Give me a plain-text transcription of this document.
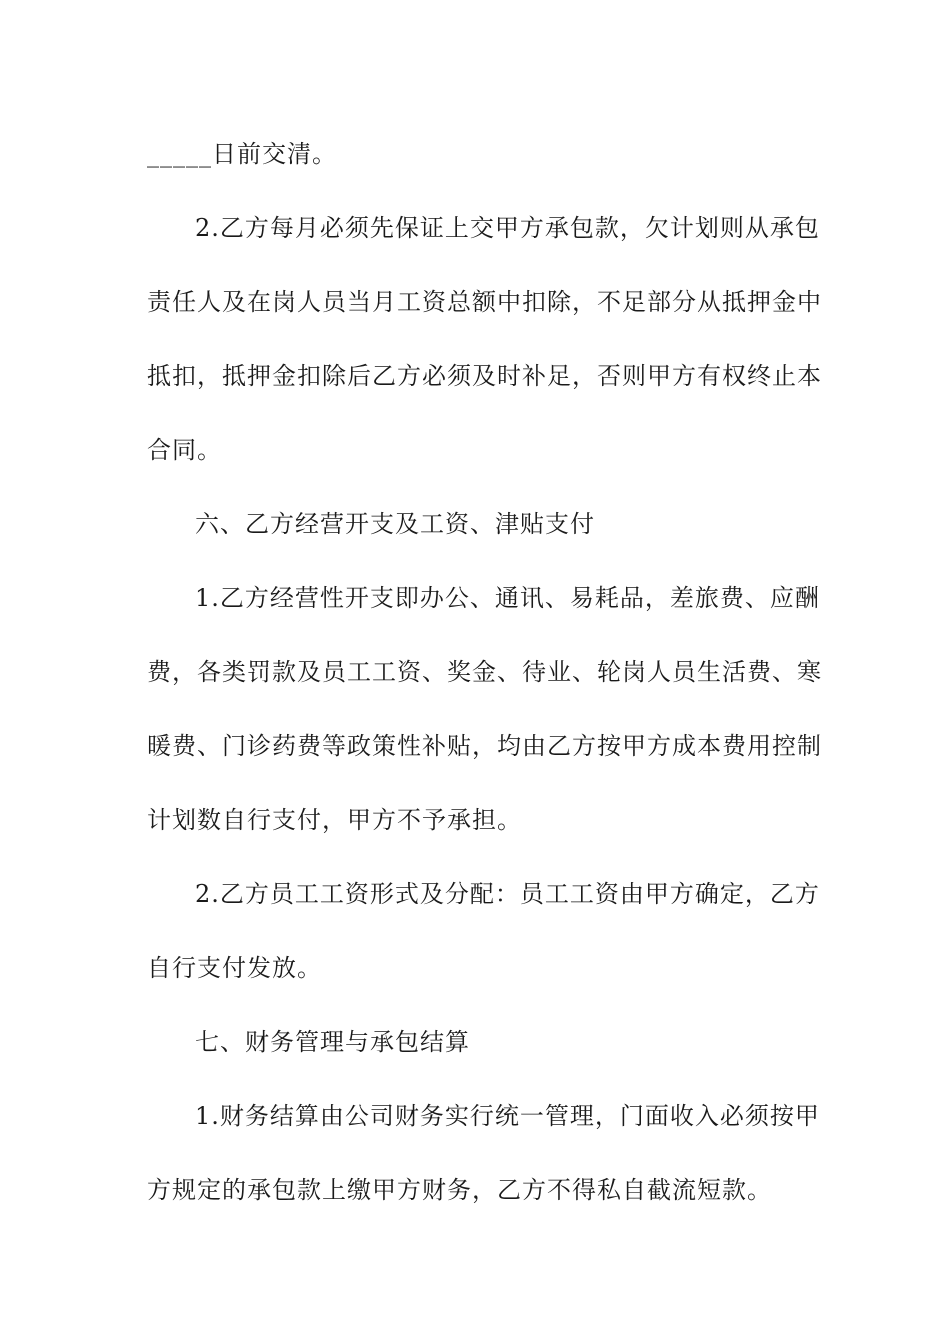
_____日前交清。
2.乙方每月必须先保证上交甲方承包款，欠计划则从承包
责任人及在岗人员当月工资总额中扣除，不足部分从抵押金中
抵扣，抵押金扣除后乙方必须及时补足，否则甲方有权终止本
合同。
六、乙方经营开支及工资、津贴支付
1.乙方经营性开支即办公、通讯、易耗品，差旅费、应酬
费，各类罚款及员工工资、奖金、待业、轮岗人员生活费、寒
暖费、门诊药费等政策性补贴，均由乙方按甲方成本费用控制
计划数自行支付，甲方不予承担。
2.乙方员工工资形式及分配：员工工资由甲方确定，乙方
自行支付发放。
七、财务管理与承包结算
1.财务结算由公司财务实行统一管理，门面收入必须按甲
方规定的承包款上缴甲方财务，乙方不得私自截流短款。
